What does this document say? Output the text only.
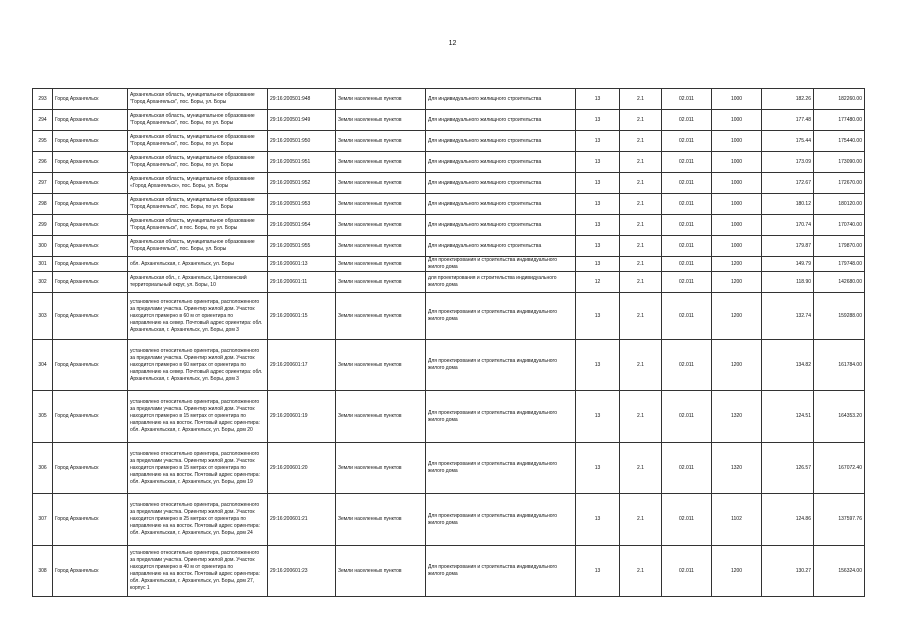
12
293	Город Архангельск	Архангельская область, муниципальное образование "Город Архангельск", пос. Боры, ул. Боры	29:16:200501:948	Земли населенных пунктов	Для индивидуального жилищного строительства	13	2.1	02.011	1000	182.26	182260.00
294	Город Архангельск	Архангельская область, муниципальное образование "Город Архангельск", пос. Боры, по ул. Боры	29:16:200501:949	Земли населенных пунктов	Для индивидуального жилищного строительства	13	2.1	02.011	1000	177.48	177480.00
295	Город Архангельск	Архангельская область, муниципальное образование "Город Архангельск", пос. Боры, по ул. Боры	29:16:200501:950	Земли населенных пунктов	Для индивидуального жилищного строительства	13	2.1	02.011	1000	175.44	175440.00
296	Город Архангельск	Архангельская область, муниципальное образование "Город Архангельск", пос. Боры, по ул. Боры	29:16:200501:951	Земли населенных пунктов	Для индивидуального жилищного строительства	13	2.1	02.011	1000	173.09	173090.00
297	Город Архангельск	Архангельская область, муниципальное образование «Город Архангельск», пос. Боры, ул. Боры	29:16:200501:952	Земли населенных пунктов	Для индивидуального жилищного строительства	13	2.1	02.011	1000	172.67	172670.00
298	Город Архангельск	Архангельская область, муниципальное образование "Город Архангельск", пос. Боры, по ул. Боры	29:16:200501:953	Земли населенных пунктов	Для индивидуального жилищного строительства	13	2.1	02.011	1000	180.12	180120.00
299	Город Архангельск	Архангельская область, муниципальное образование "Город Архангельск", в пос. Боры, по ул. Боры	29:16:200501:954	Земли населенных пунктов	Для индивидуального жилищного строительства	13	2.1	02.011	1000	170.74	170740.00
300	Город Архангельск	Архангельская область, муниципальное образование "Город Архангельск", пос. Боры, ул. Боры	29:16:200501:955	Земли населенных пунктов	Для индивидуального жилищного строительства	13	2.1	02.011	1000	179.87	179870.00
301	Город Архангельск	обл. Архангельская, г. Архангельск, ул. Боры	29:16:200601:13	Земли населенных пунктов	Для проектирования и строительства индивидуального жилого дома	13	2.1	02.011	1200	149.79	179748.00
302	Город Архангельск	Архангельская обл., г. Архангельск, Цигломенский территориальный округ, ул. Боры, 10	29:16:200601:11	Земли населенных пунктов	для проектирования и строительства индивидуального жилого дома	12	2.1	02.011	1200	118.90	142680.00
303	Город Архангельск	установлено относительно ориентира, расположенного за пределами участка. Ориентир жилой дом. Участок находится примерно в 60 м от ориентира по направлению на север. Почтовый адрес ориентира: обл. Архангельская, г. Архангельск, ул. Боры, дом 3	29:16:200601:15	Земли населенных пунктов	Для проектирования и строительства индивидуального жилого дома	13	2.1	02.011	1200	132.74	159288.00
304	Город Архангельск	установлено относительно ориентира, расположенного за пределами участка. Ориентир жилой дом. Участок находится примерно в 60 метрах от ориентира по направлению на север. Почтовый адрес ориентира: обл. Архангельская, г. Архангельск, ул. Боры, дом 3	29:16:200601:17	Земли населенных пунктов	Для проектирования и строительства индивидуального жилого дома	13	2.1	02.011	1200	134.82	161784.00
305	Город Архангельск	установлено относительно ориентира, расположенного за пределами участка. Ориентир жилой дом. Участок находится примерно в 15 метрах от ориентира по направлению на на восток. Почтовый адрес ориентира: обл. Архангельская, г. Архангельск, ул. Боры, дом 20	29:16:200601:19	Земли населенных пунктов	Для проектирования и строительства индивидуального жилого дома	13	2.1	02.011	1320	124.51	164353.20
306	Город Архангельск	установлено относительно ориентира, расположенного за пределами участка. Ориентир жилой дом. Участок находится примерно в 15 метрах от ориентира по направлению на на восток. Почтовый адрес ориентира: обл. Архангельская, г. Архангельск, ул. Боры, дом 19	29:16:200601:20	Земли населенных пунктов	Для проектирования и строительства индивидуального жилого дома	13	2.1	02.011	1320	126.57	167072.40
307	Город Архангельск	установлено относительно ориентира, расположенного за пределами участка. Ориентир жилой дом. Участок находится примерно в 25 метрах от ориентира по направлению на на восток. Почтовый адрес ориентира: обл. Архангельская, г. Архангельск, ул. Боры, дом 24	29:16:200601:21	Земли населенных пунктов	Для проектирования и строительства индивидуального жилого дома	13	2.1	02.011	1102	124.86	137597.76
308	Город Архангельск	установлено относительно ориентира, расположенного за пределами участка. Ориентир жилой дом. Участок находится примерно в 40 м от ориентира по направлению на на восток. Почтовый адрес ориентира: обл. Архангельская, г. Архангельск, ул. Боры, дом 27, корпус 1	29:16:200601:23	Земли населенных пунктов	Для проектирования и строительства индивидуального жилого дома	13	2.1	02.011	1200	130.27	156324.00
